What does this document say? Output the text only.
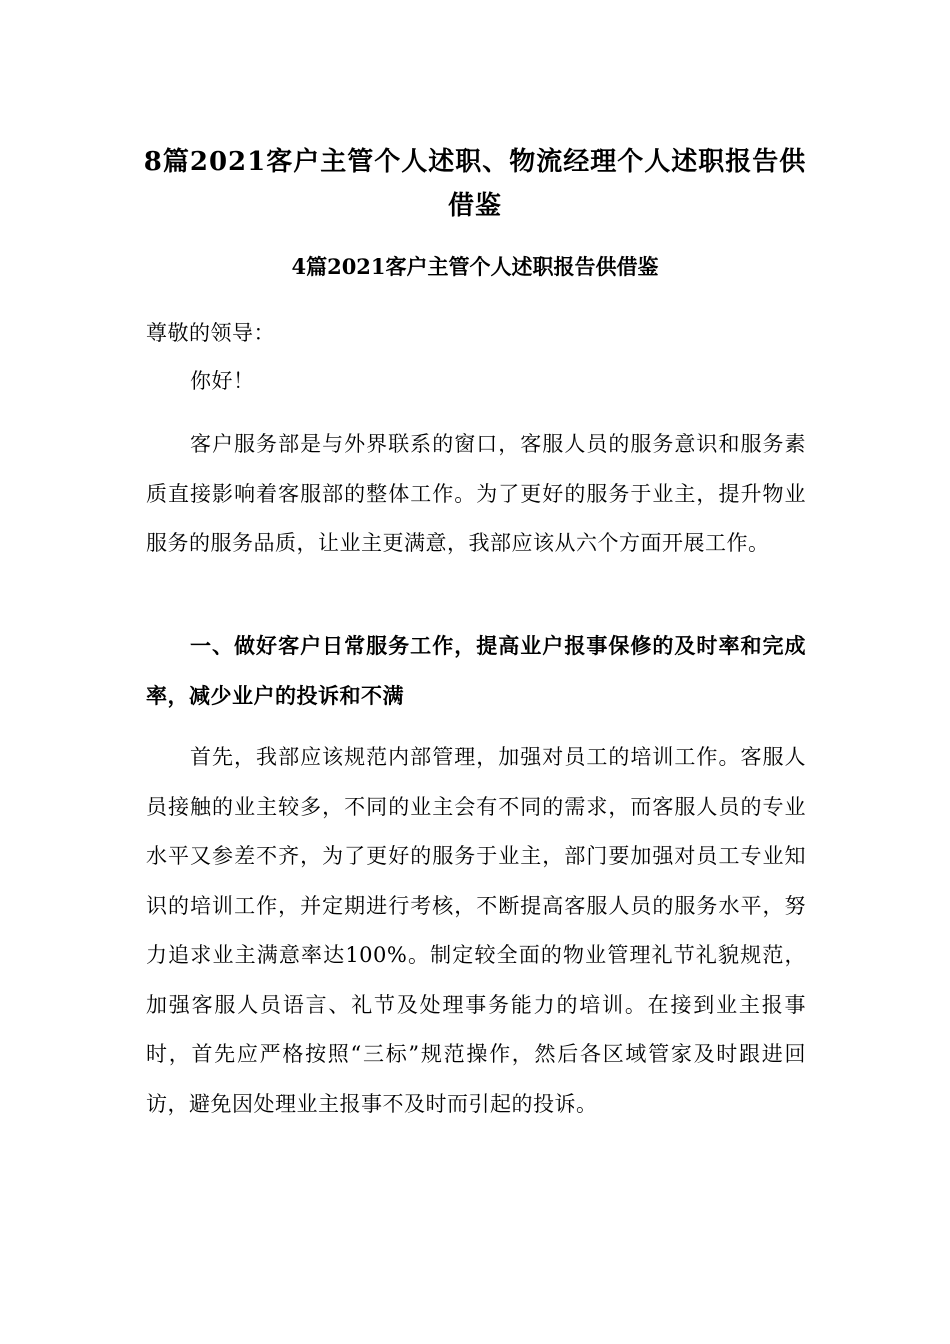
8篇2021客户主管个人述职、物流经理个人述职报告供借鉴
4篇2021客户主管个人述职报告供借鉴

尊敬的领导：

你好！

客户服务部是与外界联系的窗口，客服人员的服务意识和服务素质直接影响着客服部的整体工作。为了更好的服务于业主，提升物业服务的服务品质，让业主更满意，我部应该从六个方面开展工作。

一、做好客户日常服务工作，提高业户报事保修的及时率和完成率，减少业户的投诉和不满

首先，我部应该规范内部管理，加强对员工的培训工作。客服人员接触的业主较多，不同的业主会有不同的需求，而客服人员的专业水平又参差不齐，为了更好的服务于业主，部门要加强对员工专业知识的培训工作，并定期进行考核，不断提高客服人员的服务水平，努力追求业主满意率达100%。制定较全面的物业管理礼节礼貌规范，加强客服人员语言、礼节及处理事务能力的培训。在接到业主报事时，首先应严格按照“三标”规范操作，然后各区域管家及时跟进回访，避免因处理业主报事不及时而引起的投诉。
